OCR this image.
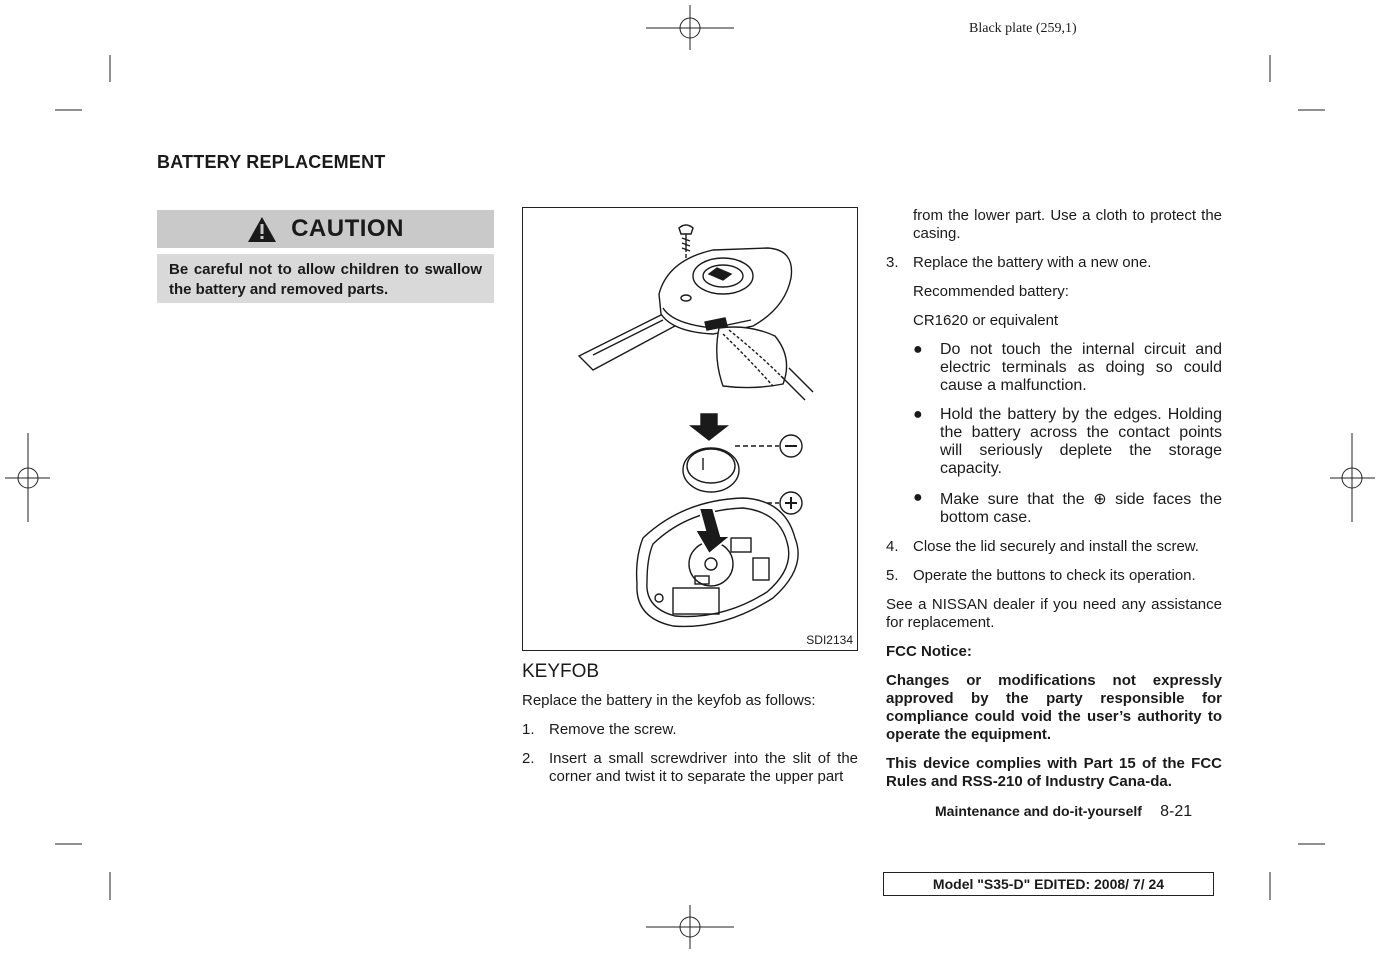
Black plate (259,1)
BATTERY REPLACEMENT
CAUTION
Be careful not to allow children to swallow the battery and removed parts.
SDI2134
KEYFOB

Replace the battery in the keyfob as follows:

1. Remove the screw.
2. Insert a small screwdriver into the slit of the corner and twist it to separate the upper part

from the lower part. Use a cloth to protect the casing.

3. Replace the battery with a new one.

Recommended battery:

CR1620 or equivalent

●	Do not touch the internal circuit and electric terminals as doing so could cause a malfunction.
●	Hold the battery by the edges. Holding the battery across the contact points will seriously deplete the storage capacity.
●	Make sure that the ⊕ side faces the bottom case.
4. Close the lid securely and install the screw.
5. Operate the buttons to check its operation.

See a NISSAN dealer if you need any assistance for replacement.

FCC Notice:

Changes or modifications not expressly approved by the party responsible for compliance could void the user’s authority to operate the equipment.

This device complies with Part 15 of the FCC Rules and RSS-210 of Industry Cana-da.

Maintenance and do-it-yourself 8-21
Model "S35-D" EDITED: 2008/ 7/ 24
